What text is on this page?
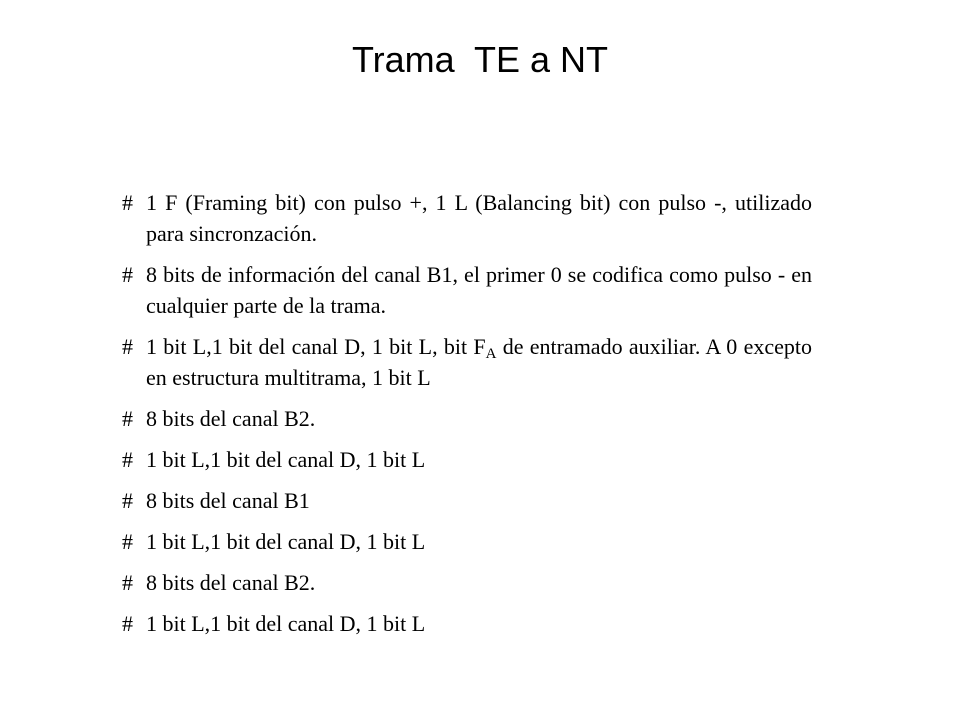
Trama  TE a NT
# 1 F (Framing bit) con pulso +, 1 L (Balancing bit) con pulso -, utilizado para sincronzación.
# 8 bits de información del canal B1, el primer 0 se codifica como pulso - en cualquier parte de la trama.
# 1 bit L,1 bit del canal D, 1 bit L, bit $F_A$ de entramado auxiliar. A 0 excepto en estructura multitrama, 1 bit L
# 8 bits del canal B2.
# 1 bit L,1 bit del canal D, 1 bit L
# 8 bits del canal B1
# 1 bit L,1 bit del canal D, 1 bit L
# 8 bits del canal B2.
# 1 bit L,1 bit del canal D, 1 bit L
